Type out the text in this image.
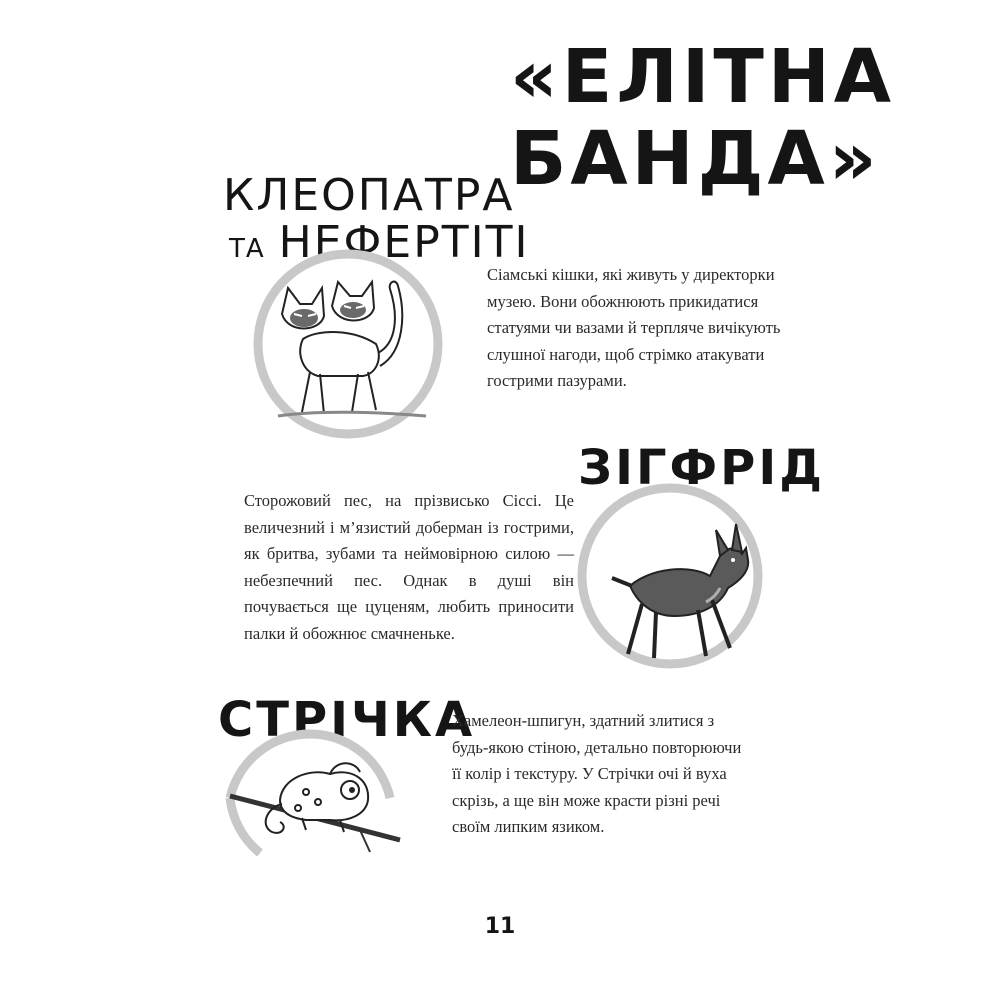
«ЕЛІТНА БАНДА»
КЛЕОПАТРА
ТА НЕФЕРТІТІ

Сіамські кішки, які живуть у директорки музею. Вони обожнюють прикидатися статуями чи вазами й терпляче вичікують слушної нагоди, щоб стрімко атакувати гострими пазурами.

ЗІГФРІД

Сторожовий пес, на прізвисько Сіссі. Це величезний і м’язистий доберман із гострими, як бритва, зубами та неймовірною силою — небезпечний пес. Однак в душі він почувається ще цуценям, любить приносити палки й обожнює смачненьке.

СТРІЧКА

Хамелеон-шпигун, здатний злитися з будь-якою стіною, детально повторюючи її колір і текстуру. У Стрічки очі й вуха скрізь, а ще він може красти різні речі своїм липким язиком.

11
